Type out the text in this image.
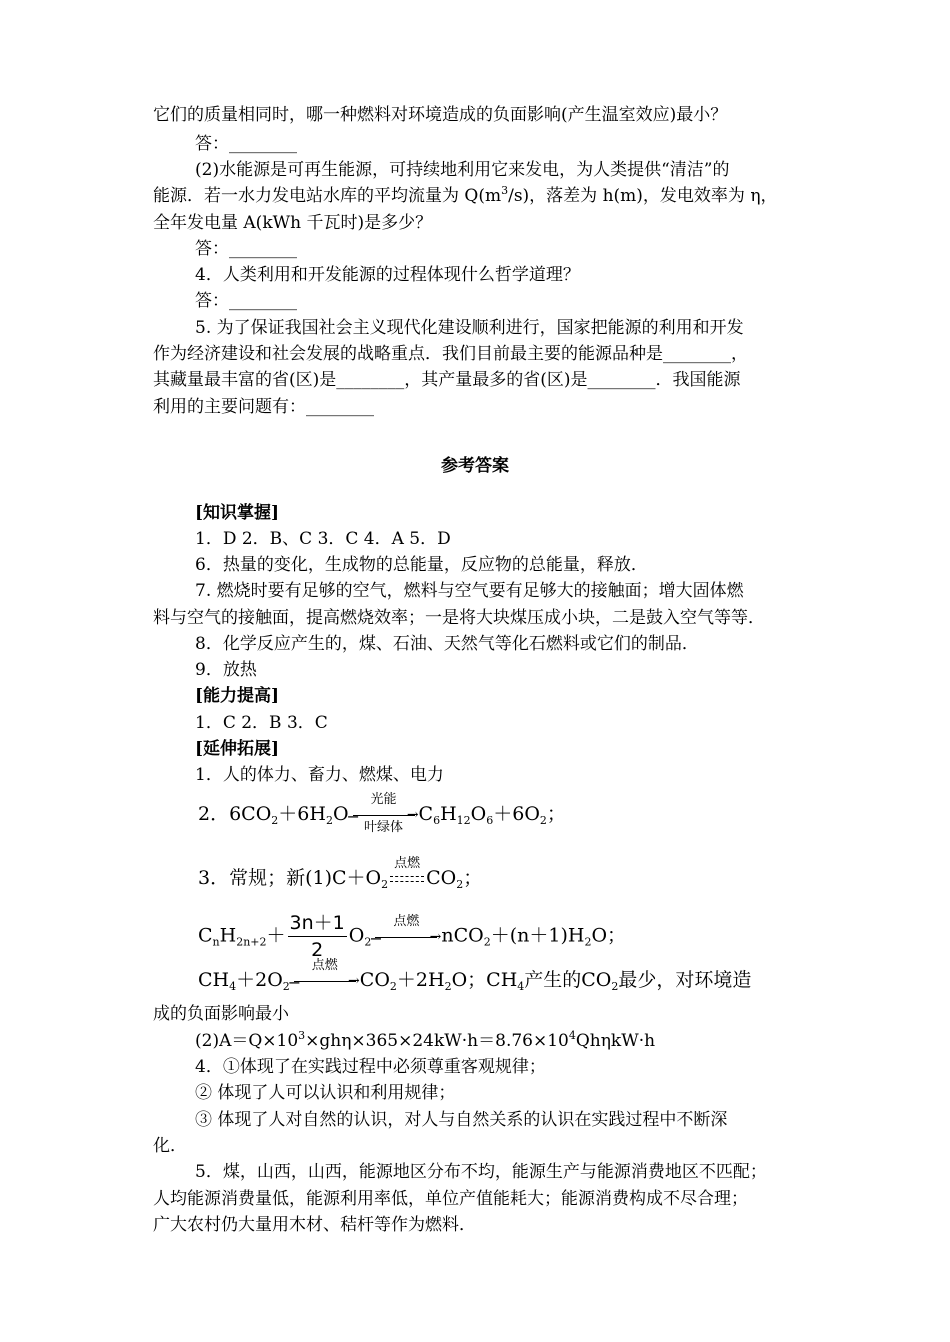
它们的质量相同时，哪一种燃料对环境造成的负面影响(产生温室效应)最小？
答：________
(2)水能源是可再生能源，可持续地利用它来发电，为人类提供“清洁”的
能源．若一水力发电站水库的平均流量为 $Q(m^3/s)$，落差为 h(m)，发电效率为 η，
全年发电量 A(kWh 千瓦时)是多少？
答：________
4．人类利用和开发能源的过程体现什么哲学道理？
答：________
5. 为了保证我国社会主义现代化建设顺利进行，国家把能源的利用和开发
作为经济建设和社会发展的战略重点．我们目前最主要的能源品种是________，
其藏量最丰富的省(区)是________，其产量最多的省(区)是________．我国能源
利用的主要问题有：________
参考答案
[知识掌握]
1．D 2．B、C 3．C 4．A 5．D
6．热量的变化，生成物的总能量，反应物的总能量，释放．
7. 燃烧时要有足够的空气，燃料与空气要有足够大的接触面；增大固体燃
料与空气的接触面，提高燃烧效率；一是将大块煤压成小块，二是鼓入空气等等．
8．化学反应产生的，煤、石油、天然气等化石燃料或它们的制品．
9．放热
[能力提高]
1．C 2．B 3．C
[延伸拓展]
1．人的体力、畜力、燃煤、电力
2．$6CO_2+6H_2O$
光能
−	→
叶绿体
$C_6H_{12}O_6+6O_2$；
3．常规；新$(1)C+O_2$
点燃
$CO_2$；
$C_nH_{2n+2}+ \frac{3n+1}{2} O_2$
点燃
−	→ $nCO_2+(n+1)H_2O$；
$CH_4+2O_2$
点燃
−	→ $CO_2+2H_2O$；$CH_4$产生的$CO_2$最少，对环境造
成的负面影响最小
$(2)A=Q\times 10^3\times gh\eta\times 365\times 24kW\cdot h=8.76\times 10^4Qh\eta kW\cdot h$
4．①体现了在实践过程中必须尊重客观规律；
② 体现了人可以认识和利用规律；
③ 体现了人对自然的认识，对人与自然关系的认识在实践过程中不断深
化．
5．煤，山西，山西，能源地区分布不均，能源生产与能源消费地区不匹配；
人均能源消费量低，能源利用率低，单位产值能耗大；能源消费构成不尽合理；
广大农村仍大量用木材、秸杆等作为燃料．
